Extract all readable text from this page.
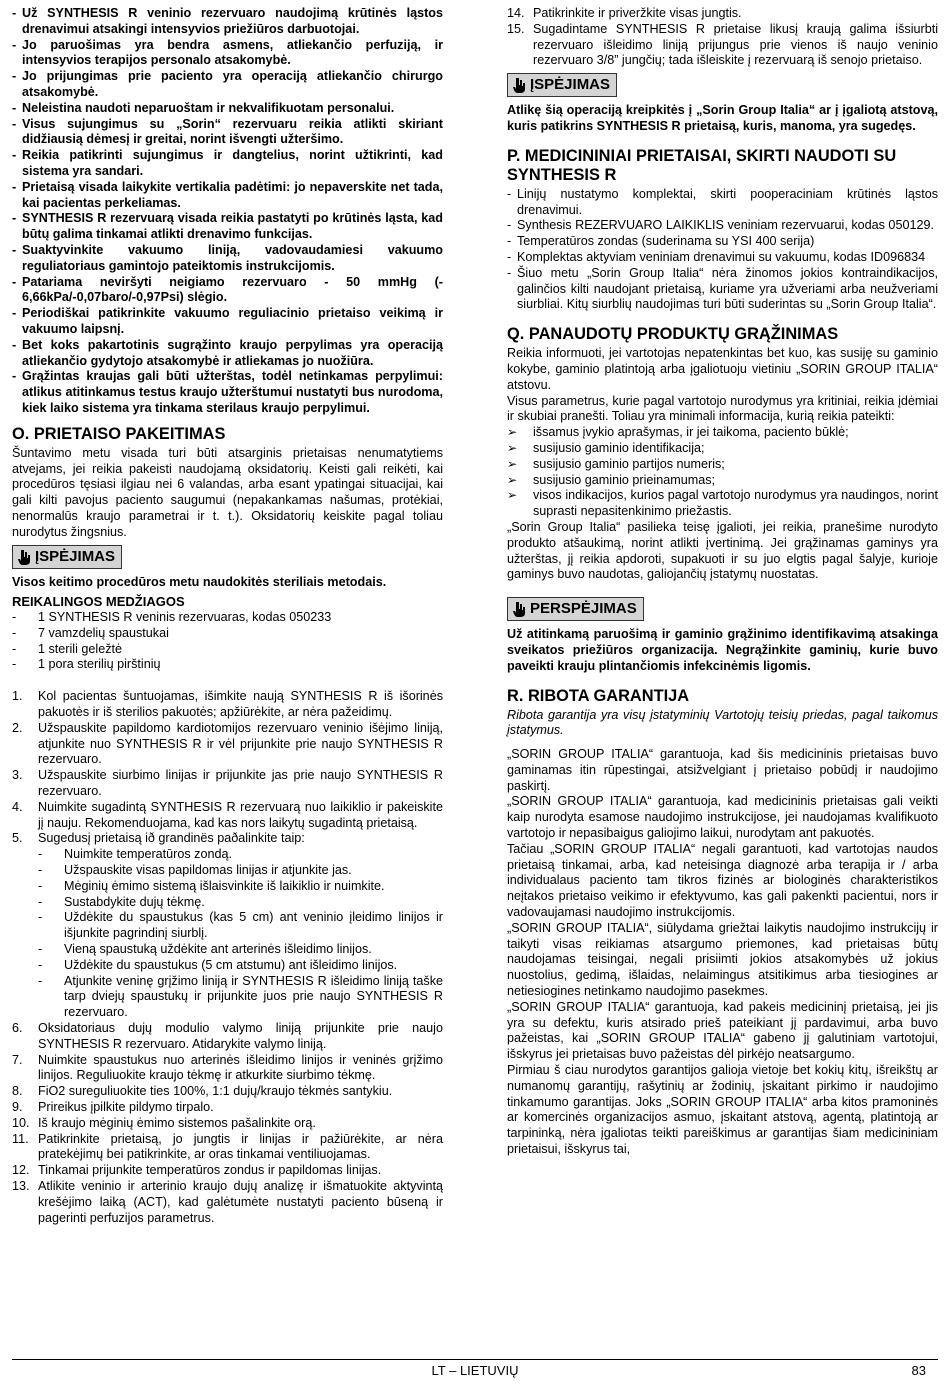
- Už SYNTHESIS R veninio rezervuaro naudojimą krūtinės ląstos drenavimui atsakingi intensyvios priežiūros darbuotojai.
- Jo paruošimas yra bendra asmens, atliekančio perfuziją, ir intensyvios terapijos personalo atsakomybė.
- Jo prijungimas prie paciento yra operaciją atliekančio chirurgo atsakomybė.
- Neleistina naudoti neparuoštam ir nekvalifikuotam personalui.
- Visus sujungimus su „Sorin“ rezervuaru reikia atlikti skiriant didžiausią dėmesį ir greitai, norint išvengti užteršimo.
- Reikia patikrinti sujungimus ir dangtelius, norint užtikrinti, kad sistema yra sandari.
- Prietaisą visada laikykite vertikalia padėtimi: jo nepaverskite net tada, kai pacientas perkeliamas.
- SYNTHESIS R rezervuarą visada reikia pastatyti po krūtinės ląsta, kad būtų galima tinkamai atlikti drenavimo funkcijas.
- Suaktyvinkite vakuumo liniją, vadovaudamiesi vakuumo reguliatoriaus gamintojo pateiktomis instrukcijomis.
- Patariama neviršyti neigiamo rezervuaro - 50 mmHg (- 6,66kPa/-0,07baro/-0,97Psi) slėgio.
- Periodiškai patikrinkite vakuumo reguliacinio prietaiso veikimą ir vakuumo laipsnį.
- Bet koks pakartotinis sugrąžinto kraujo perpylimas yra operaciją atliekančio gydytojo atsakomybė ir atliekamas jo nuožiūra.
- Grąžintas kraujas gali būti užterštas, todėl netinkamas perpylimui: atlikus atitinkamus testus kraujo užterštumui nustatyti bus nurodoma, kiek laiko sistema yra tinkama sterilaus kraujo perpylimui.
O. PRIETAISO PAKEITIMAS
Šuntavimo metu visada turi būti atsarginis prietaisas nenumatytiems atvejams, jei reikia pakeisti naudojamą oksidatorių. Keisti gali reikėti, kai procedūros tęsiasi ilgiau nei 6 valandas, arba esant ypatingai situacijai, kai gali kilti pavojus paciento saugumui (nepakankamas našumas, protėkiai, nenormalūs kraujo parametrai ir t. t.). Oksidatorių keiskite pagal toliau nurodytus žingsnius.
ĮSPĖJIMAS
Visos keitimo procedūros metu naudokitės steriliais metodais.
REIKALINGOS MEDŽIAGOS
- 1 SYNTHESIS R veninis rezervuaras, kodas 050233
- 7 vamzdelių spaustukai
- 1 sterili geležtė
- 1 pora sterilių pirštinių
1. Kol pacientas šuntuojamas, išimkite naują SYNTHESIS R iš išorinės pakuotės ir iš sterilios pakuotės; apžiūrėkite, ar nėra pažeidimų.
2. Užspauskite papildomo kardiotomijos rezervuaro veninio išėjimo liniją, atjunkite nuo SYNTHESIS R ir vėl prijunkite prie naujo SYNTHESIS R rezervuaro.
3. Užspauskite siurbimo linijas ir prijunkite jas prie naujo SYNTHESIS R rezervuaro.
4. Nuimkite sugadintą SYNTHESIS R rezervuarą nuo laikiklio ir pakeiskite jį nauju. Rekomenduojama, kad kas nors laikytų sugadintą prietaisą.
5. Sugedusį prietaisą ið grandinës paðalinkite taip:
- Nuimkite temperatūros zondą.
- Užspauskite visas papildomas linijas ir atjunkite jas.
- Mėginių ėmimo sistemą išlaisvinkite iš laikiklio ir nuimkite.
- Sustabdykite dujų tėkmę.
- Uždėkite du spaustukus (kas 5 cm) ant veninio įleidimo linijos ir išjunkite pagrindinį siurblį.
- Vieną spaustuką uždėkite ant arterinės išleidimo linijos.
- Uždėkite du spaustukus (5 cm atstumu) ant išleidimo linijos.
- Atjunkite veninę grįžimo liniją ir SYNTHESIS R išleidimo liniją taške tarp dviejų spaustukų ir prijunkite juos prie naujo SYNTHESIS R rezervuaro.
6. Oksidatoriaus dujų modulio valymo liniją prijunkite prie naujo SYNTHESIS R rezervuaro. Atidarykite valymo liniją.
7. Nuimkite spaustukus nuo arterinės išleidimo linijos ir veninės grįžimo linijos. Reguliuokite kraujo tėkmę ir atkurkite siurbimo tėkmę.
8. FiO2 sureguliuokite ties 100%, 1:1 dujų/kraujo tėkmės santykiu.
9. Prireikus įpilkite pildymo tirpalo.
10. Iš kraujo mėginių ėmimo sistemos pašalinkite orą.
11. Patikrinkite prietaisą, jo jungtis ir linijas ir pažiūrėkite, ar nėra pratekėjimų bei patikrinkite, ar oras tinkamai ventiliuojamas.
12. Tinkamai prijunkite temperatūros zondus ir papildomas linijas.
13. Atlikite veninio ir arterinio kraujo dujų analizę ir išmatuokite aktyvintą krešėjimo laiką (ACT), kad galėtumėte nustatyti paciento būseną ir pagerinti perfuzijos parametrus.
14. Patikrinkite ir priveržkite visas jungtis.
15. Sugadintame SYNTHESIS R prietaise likusį kraują galima išsiurbti rezervuaro išleidimo liniją prijungus prie vienos iš naujo veninio rezervuaro 3/8” jungčių; tada išleiskite į rezervuarą iš senojo prietaiso.
ĮSPĖJIMAS
Atlikę šią operaciją kreipkitės į „Sorin Group Italia“ ar į įgaliotą atstovą, kuris patikrins SYNTHESIS R prietaisą, kuris, manoma, yra sugedęs.
P. MEDICININIAI PRIETAISAI, SKIRTI NAUDOTI SU SYNTHESIS R
- Linijų nustatymo komplektai, skirti pooperaciniam krūtinės ląstos drenavimui.
- Synthesis REZERVUARO LAIKIKLIS veniniam rezervuarui, kodas 050129.
- Temperatūros zondas (suderinama su YSI 400 serija)
- Komplektas aktyviam veniniam drenavimui su vakuumu, kodas ID096834
- Šiuo metu „Sorin Group Italia“ nėra žinomos jokios kontraindikacijos, galinčios kilti naudojant prietaisą, kuriame yra užveriami arba neužveriami siurbliai. Kitų siurblių naudojimas turi būti suderintas su „Sorin Group Italia“.
Q. PANAUDOTŲ PRODUKTŲ GRĄŽINIMAS
Reikia informuoti, jei vartotojas nepatenkintas bet kuo, kas susiję su gaminio kokybe, gaminio platintoją arba įgaliotuoju vietiniu „SORIN GROUP ITALIA“ atstovu.
Visus parametrus, kurie pagal vartotojo nurodymus yra kritiniai, reikia įdėmiai ir skubiai pranešti. Toliau yra minimali informacija, kurią reikia pateikti:
➢ išsamus įvykio aprašymas, ir jei taikoma, paciento būklė;
➢ susijusio gaminio identifikacija;
➢ susijusio gaminio partijos numeris;
➢ susijusio gaminio prieinamumas;
➢ visos indikacijos, kurios pagal vartotojo nurodymus yra naudingos, norint suprasti nepasitenkinimo priežastis.
„Sorin Group Italia“ pasilieka teisę įgalioti, jei reikia, pranešime nurodyto produkto atšaukimą, norint atlikti įvertinimą. Jei grąžinamas gaminys yra užterštas, jį reikia apdoroti, supakuoti ir su juo elgtis pagal šalyje, kurioje gaminys buvo naudotas, galiojančių įstatymų nuostatas.
PERSPĖJIMAS
Už atitinkamą paruošimą ir gaminio grąžinimo identifikavimą atsakinga sveikatos priežiūros organizacija. Negrąžinkite gaminių, kurie buvo paveikti krauju plintančiomis infekcinėmis ligomis.
R. RIBOTA GARANTIJA
Ribota garantija yra visų įstatyminių Vartotojų teisių priedas, pagal taikomus įstatymus.
„SORIN GROUP ITALIA“ garantuoja, kad šis medicininis prietaisas buvo gaminamas itin rūpestingai, atsižvelgiant į prietaiso pobūdį ir naudojimo paskirtį.
„SORIN GROUP ITALIA“ garantuoja, kad medicininis prietaisas gali veikti kaip nurodyta esamose naudojimo instrukcijose, jei naudojamas kvalifikuoto vartotojo ir nepasibaigus galiojimo laikui, nurodytam ant pakuotės.
Tačiau „SORIN GROUP ITALIA“ negali garantuoti, kad vartotojas naudos prietaisą tinkamai, arba, kad neteisinga diagnozė arba terapija ir / arba individualaus paciento tam tikros fizinės ar biologinės charakteristikos neįtakos prietaiso veikimo ir efektyvumo, kas gali pakenkti pacientui, nors ir vadovaujamasi naudojimo instrukcijomis.
„SORIN GROUP ITALIA“, siūlydama griežtai laikytis naudojimo instrukcijų ir taikyti visas reikiamas atsargumo priemones, kad prietaisas būtų naudojamas teisingai, negali prisiimti jokios atsakomybės už jokius nuostolius, gedimą, išlaidas, nelaimingus atsitikimus arba tiesiogines ar netiesiogines netinkamo naudojimo pasekmes.
„SORIN GROUP ITALIA“ garantuoja, kad pakeis medicininį prietaisą, jei jis yra su defektu, kuris atsirado prieš pateikiant jį pardavimui, arba buvo pažeistas, kai „SORIN GROUP ITALIA“ gabeno jį galutiniam vartotojui, išskyrus jei prietaisas buvo pažeistas dėl pirkėjo neatsargumo.
Pirmiau š ciau nurodytos garantijos galioja vietoje bet kokių kitų, išreikštų ar numanomų garantijų, rašytinių ar žodinių, įskaitant pirkimo ir naudojimo tinkamumo garantijas. Joks „SORIN GROUP ITALIA“ arba kitos pramoninės ar komercinės organizacijos asmuo, įskaitant atstovą, agentą, platintoją ar tarpininką, nėra įgaliotas teikti pareiškimus ar garantijas šiam medicininiam prietaisui, išskyrus tai,
LT – LIETUVIŲ	83
